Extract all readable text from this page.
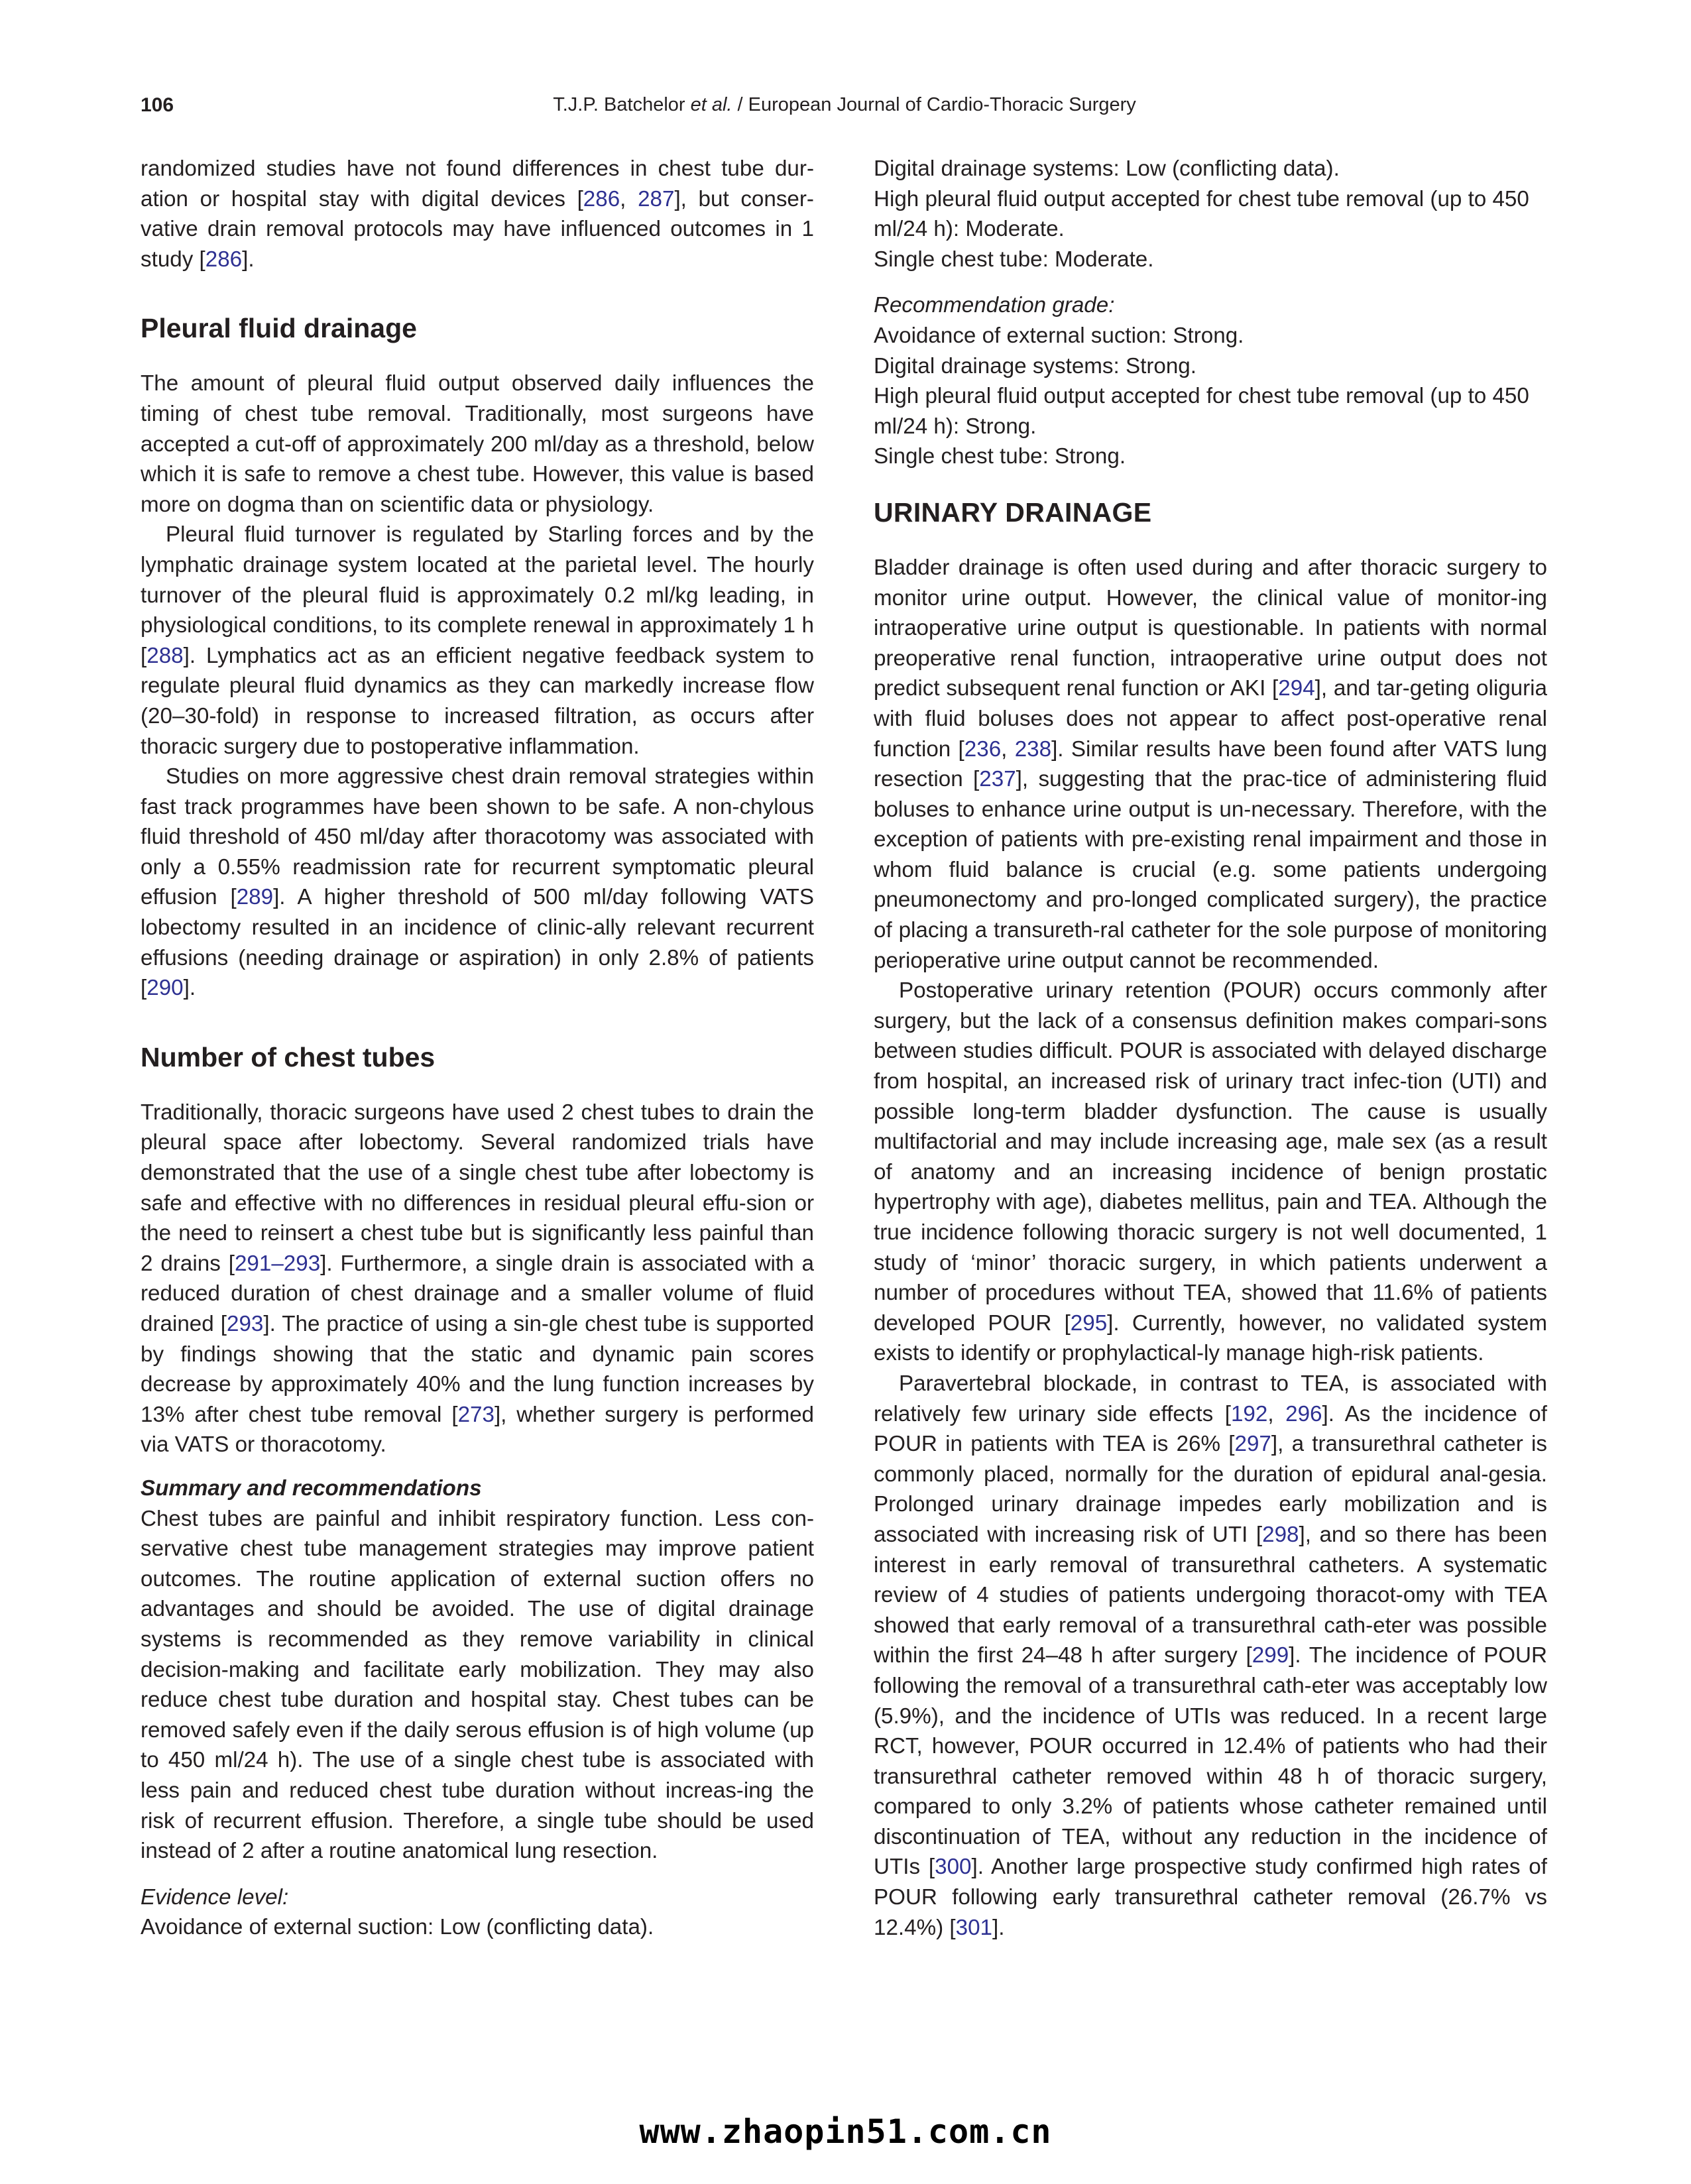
106	T.J.P. Batchelor et al. / European Journal of Cardio-Thoracic Surgery

randomized studies have not found differences in chest tube dur-ation or hospital stay with digital devices [286, 287], but conser-vative drain removal protocols may have influenced outcomes in 1 study [286].

Pleural fluid drainage

The amount of pleural fluid output observed daily influences the timing of chest tube removal. Traditionally, most surgeons have accepted a cut-off of approximately 200 ml/day as a threshold, below which it is safe to remove a chest tube. However, this value is based more on dogma than on scientific data or physiology.

Pleural fluid turnover is regulated by Starling forces and by the lymphatic drainage system located at the parietal level. The hourly turnover of the pleural fluid is approximately 0.2 ml/kg leading, in physiological conditions, to its complete renewal in approximately 1 h [288]. Lymphatics act as an efficient negative feedback system to regulate pleural fluid dynamics as they can markedly increase flow (20–30-fold) in response to increased filtration, as occurs after thoracic surgery due to postoperative inflammation.

Studies on more aggressive chest drain removal strategies within fast track programmes have been shown to be safe. A non-chylous fluid threshold of 450 ml/day after thoracotomy was associated with only a 0.55% readmission rate for recurrent symptomatic pleural effusion [289]. A higher threshold of 500 ml/day following VATS lobectomy resulted in an incidence of clinic-ally relevant recurrent effusions (needing drainage or aspiration) in only 2.8% of patients [290].

Number of chest tubes

Traditionally, thoracic surgeons have used 2 chest tubes to drain the pleural space after lobectomy. Several randomized trials have demonstrated that the use of a single chest tube after lobectomy is safe and effective with no differences in residual pleural effu-sion or the need to reinsert a chest tube but is significantly less painful than 2 drains [291–293]. Furthermore, a single drain is associated with a reduced duration of chest drainage and a smaller volume of fluid drained [293]. The practice of using a sin-gle chest tube is supported by findings showing that the static and dynamic pain scores decrease by approximately 40% and the lung function increases by 13% after chest tube removal [273], whether surgery is performed via VATS or thoracotomy.

Summary and recommendations

Chest tubes are painful and inhibit respiratory function. Less con-servative chest tube management strategies may improve patient outcomes. The routine application of external suction offers no advantages and should be avoided. The use of digital drainage systems is recommended as they remove variability in clinical decision-making and facilitate early mobilization. They may also reduce chest tube duration and hospital stay. Chest tubes can be removed safely even if the daily serous effusion is of high volume (up to 450 ml/24 h). The use of a single chest tube is associated with less pain and reduced chest tube duration without increas-ing the risk of recurrent effusion. Therefore, a single tube should be used instead of 2 after a routine anatomical lung resection.

Evidence level:
Avoidance of external suction: Low (conflicting data).
Digital drainage systems: Low (conflicting data).
High pleural fluid output accepted for chest tube removal (up to 450 ml/24 h): Moderate.
Single chest tube: Moderate.
Recommendation grade:
Avoidance of external suction: Strong.
Digital drainage systems: Strong.
High pleural fluid output accepted for chest tube removal (up to 450 ml/24 h): Strong.
Single chest tube: Strong.
URINARY DRAINAGE

Bladder drainage is often used during and after thoracic surgery to monitor urine output. However, the clinical value of monitor-ing intraoperative urine output is questionable. In patients with normal preoperative renal function, intraoperative urine output does not predict subsequent renal function or AKI [294], and tar-geting oliguria with fluid boluses does not appear to affect post-operative renal function [236, 238]. Similar results have been found after VATS lung resection [237], suggesting that the prac-tice of administering fluid boluses to enhance urine output is un-necessary. Therefore, with the exception of patients with pre-existing renal impairment and those in whom fluid balance is crucial (e.g. some patients undergoing pneumonectomy and pro-longed complicated surgery), the practice of placing a transureth-ral catheter for the sole purpose of monitoring perioperative urine output cannot be recommended.

Postoperative urinary retention (POUR) occurs commonly after surgery, but the lack of a consensus definition makes compari-sons between studies difficult. POUR is associated with delayed discharge from hospital, an increased risk of urinary tract infec-tion (UTI) and possible long-term bladder dysfunction. The cause is usually multifactorial and may include increasing age, male sex (as a result of anatomy and an increasing incidence of benign prostatic hypertrophy with age), diabetes mellitus, pain and TEA. Although the true incidence following thoracic surgery is not well documented, 1 study of ‘minor’ thoracic surgery, in which patients underwent a number of procedures without TEA, showed that 11.6% of patients developed POUR [295]. Currently, however, no validated system exists to identify or prophylactical-ly manage high-risk patients.

Paravertebral blockade, in contrast to TEA, is associated with relatively few urinary side effects [192, 296]. As the incidence of POUR in patients with TEA is 26% [297], a transurethral catheter is commonly placed, normally for the duration of epidural anal-gesia. Prolonged urinary drainage impedes early mobilization and is associated with increasing risk of UTI [298], and so there has been interest in early removal of transurethral catheters. A systematic review of 4 studies of patients undergoing thoracot-omy with TEA showed that early removal of a transurethral cath-eter was possible within the first 24–48 h after surgery [299]. The incidence of POUR following the removal of a transurethral cath-eter was acceptably low (5.9%), and the incidence of UTIs was reduced. In a recent large RCT, however, POUR occurred in 12.4% of patients who had their transurethral catheter removed within 48 h of thoracic surgery, compared to only 3.2% of patients whose catheter remained until discontinuation of TEA, without any reduction in the incidence of UTIs [300]. Another large prospective study confirmed high rates of POUR following early transurethral catheter removal (26.7% vs 12.4%) [301].

www.zhaopin51.com.cn
